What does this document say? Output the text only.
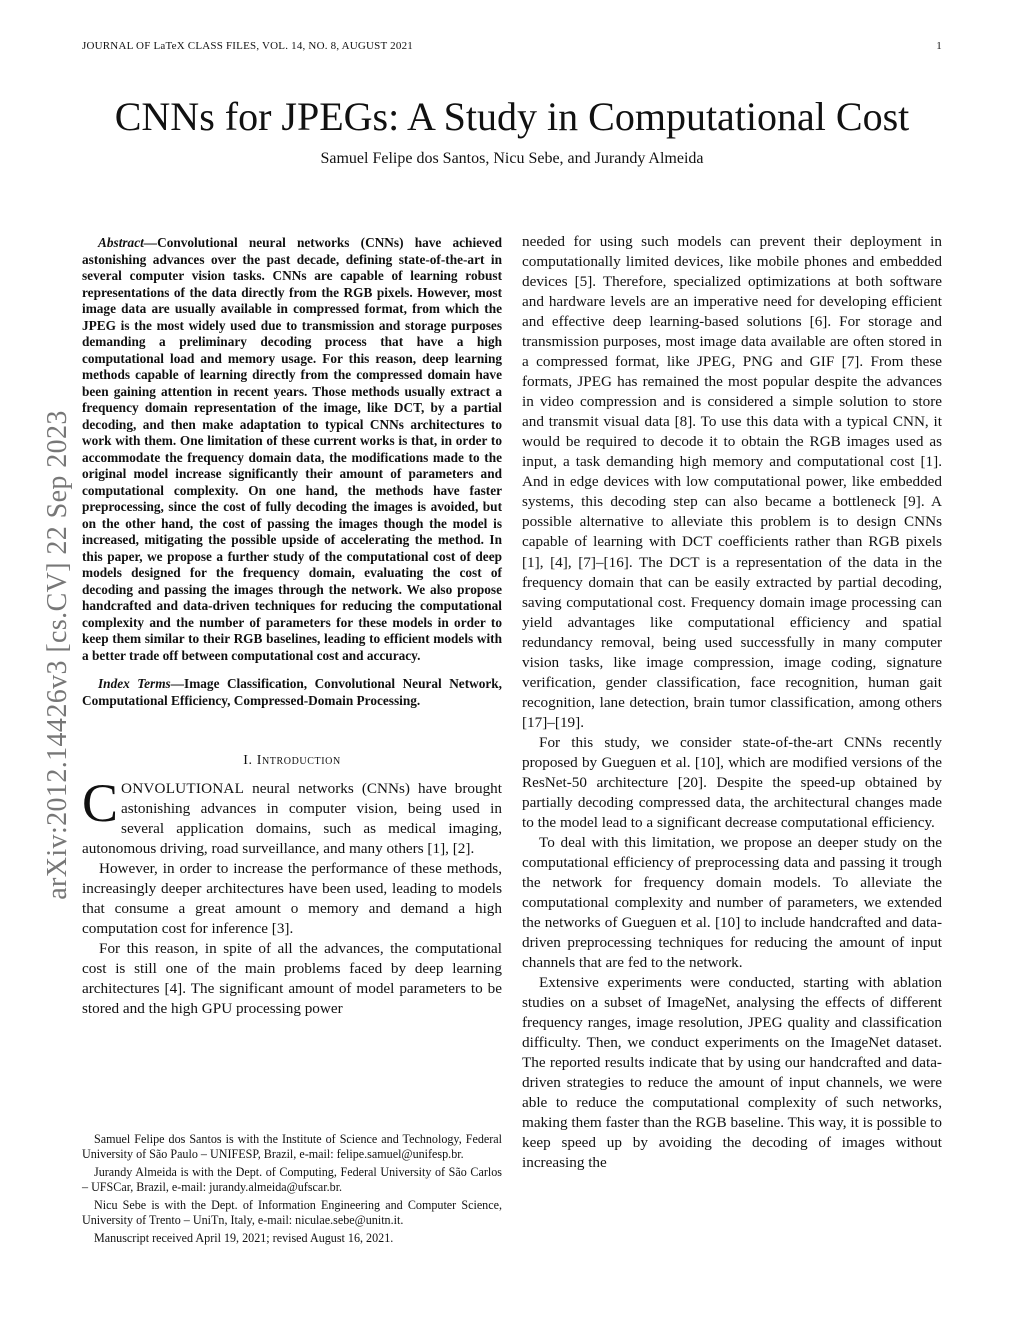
JOURNAL OF LaTeX CLASS FILES, VOL. 14, NO. 8, AUGUST 2021	1
arXiv:2012.14426v3 [cs.CV] 22 Sep 2023
CNNs for JPEGs: A Study in Computational Cost
Samuel Felipe dos Santos, Nicu Sebe, and Jurandy Almeida

Abstract—Convolutional neural networks (CNNs) have achieved astonishing advances over the past decade, defining state-of-the-art in several computer vision tasks. CNNs are capable of learning robust representations of the data directly from the RGB pixels. However, most image data are usually available in compressed format, from which the JPEG is the most widely used due to transmission and storage purposes demanding a preliminary decoding process that have a high computational load and memory usage. For this reason, deep learning methods capable of learning directly from the compressed domain have been gaining attention in recent years. Those methods usually extract a frequency domain representation of the image, like DCT, by a partial decoding, and then make adaptation to typical CNNs architectures to work with them. One limitation of these current works is that, in order to accommodate the frequency domain data, the modifications made to the original model increase significantly their amount of parameters and computational complexity. On one hand, the methods have faster preprocessing, since the cost of fully decoding the images is avoided, but on the other hand, the cost of passing the images though the model is increased, mitigating the possible upside of accelerating the method. In this paper, we propose a further study of the computational cost of deep models designed for the frequency domain, evaluating the cost of decoding and passing the images through the network. We also propose handcrafted and data-driven techniques for reducing the computational complexity and the number of parameters for these models in order to keep them similar to their RGB baselines, leading to efficient models with a better trade off between computational cost and accuracy.

Index Terms—Image Classification, Convolutional Neural Network, Computational Efficiency, Compressed-Domain Processing.

I. Introduction

CONVOLUTIONAL neural networks (CNNs) have brought astonishing advances in computer vision, being used in several application domains, such as medical imaging, autonomous driving, road surveillance, and many others [1], [2].

However, in order to increase the performance of these methods, increasingly deeper architectures have been used, leading to models that consume a great amount o memory and demand a high computation cost for inference [3].

For this reason, in spite of all the advances, the computational cost is still one of the main problems faced by deep learning architectures [4]. The significant amount of model parameters to be stored and the high GPU processing power

Samuel Felipe dos Santos is with the Institute of Science and Technology, Federal University of São Paulo – UNIFESP, Brazil, e-mail: felipe.samuel@unifesp.br.

Jurandy Almeida is with the Dept. of Computing, Federal University of São Carlos – UFSCar, Brazil, e-mail: jurandy.almeida@ufscar.br.

Nicu Sebe is with the Dept. of Information Engineering and Computer Science, University of Trento – UniTn, Italy, e-mail: niculae.sebe@unitn.it.

Manuscript received April 19, 2021; revised August 16, 2021.

needed for using such models can prevent their deployment in computationally limited devices, like mobile phones and embedded devices [5]. Therefore, specialized optimizations at both software and hardware levels are an imperative need for developing efficient and effective deep learning-based solutions [6]. For storage and transmission purposes, most image data available are often stored in a compressed format, like JPEG, PNG and GIF [7]. From these formats, JPEG has remained the most popular despite the advances in video compression and is considered a simple solution to store and transmit visual data [8]. To use this data with a typical CNN, it would be required to decode it to obtain the RGB images used as input, a task demanding high memory and computational cost [1]. And in edge devices with low computational power, like embedded systems, this decoding step can also became a bottleneck [9]. A possible alternative to alleviate this problem is to design CNNs capable of learning with DCT coefficients rather than RGB pixels [1], [4], [7]–[16]. The DCT is a representation of the data in the frequency domain that can be easily extracted by partial decoding, saving computational cost. Frequency domain image processing can yield advantages like computational efficiency and spatial redundancy removal, being used successfully in many computer vision tasks, like image compression, image coding, signature verification, gender classification, face recognition, human gait recognition, lane detection, brain tumor classification, among others [17]–[19].

For this study, we consider state-of-the-art CNNs recently proposed by Gueguen et al. [10], which are modified versions of the ResNet-50 architecture [20]. Despite the speed-up obtained by partially decoding compressed data, the architectural changes made to the model lead to a significant decrease computational efficiency.

To deal with this limitation, we propose an deeper study on the computational efficiency of preprocessing data and passing it trough the network for frequency domain models. To alleviate the computational complexity and number of parameters, we extended the networks of Gueguen et al. [10] to include handcrafted and data-driven preprocessing techniques for reducing the amount of input channels that are fed to the network.

Extensive experiments were conducted, starting with ablation studies on a subset of ImageNet, analysing the effects of different frequency ranges, image resolution, JPEG quality and classification difficulty. Then, we conduct experiments on the ImageNet dataset. The reported results indicate that by using our handcrafted and data-driven strategies to reduce the amount of input channels, we were able to reduce the computational complexity of such networks, making them faster than the RGB baseline. This way, it is possible to keep speed up by avoiding the decoding of images without increasing the
